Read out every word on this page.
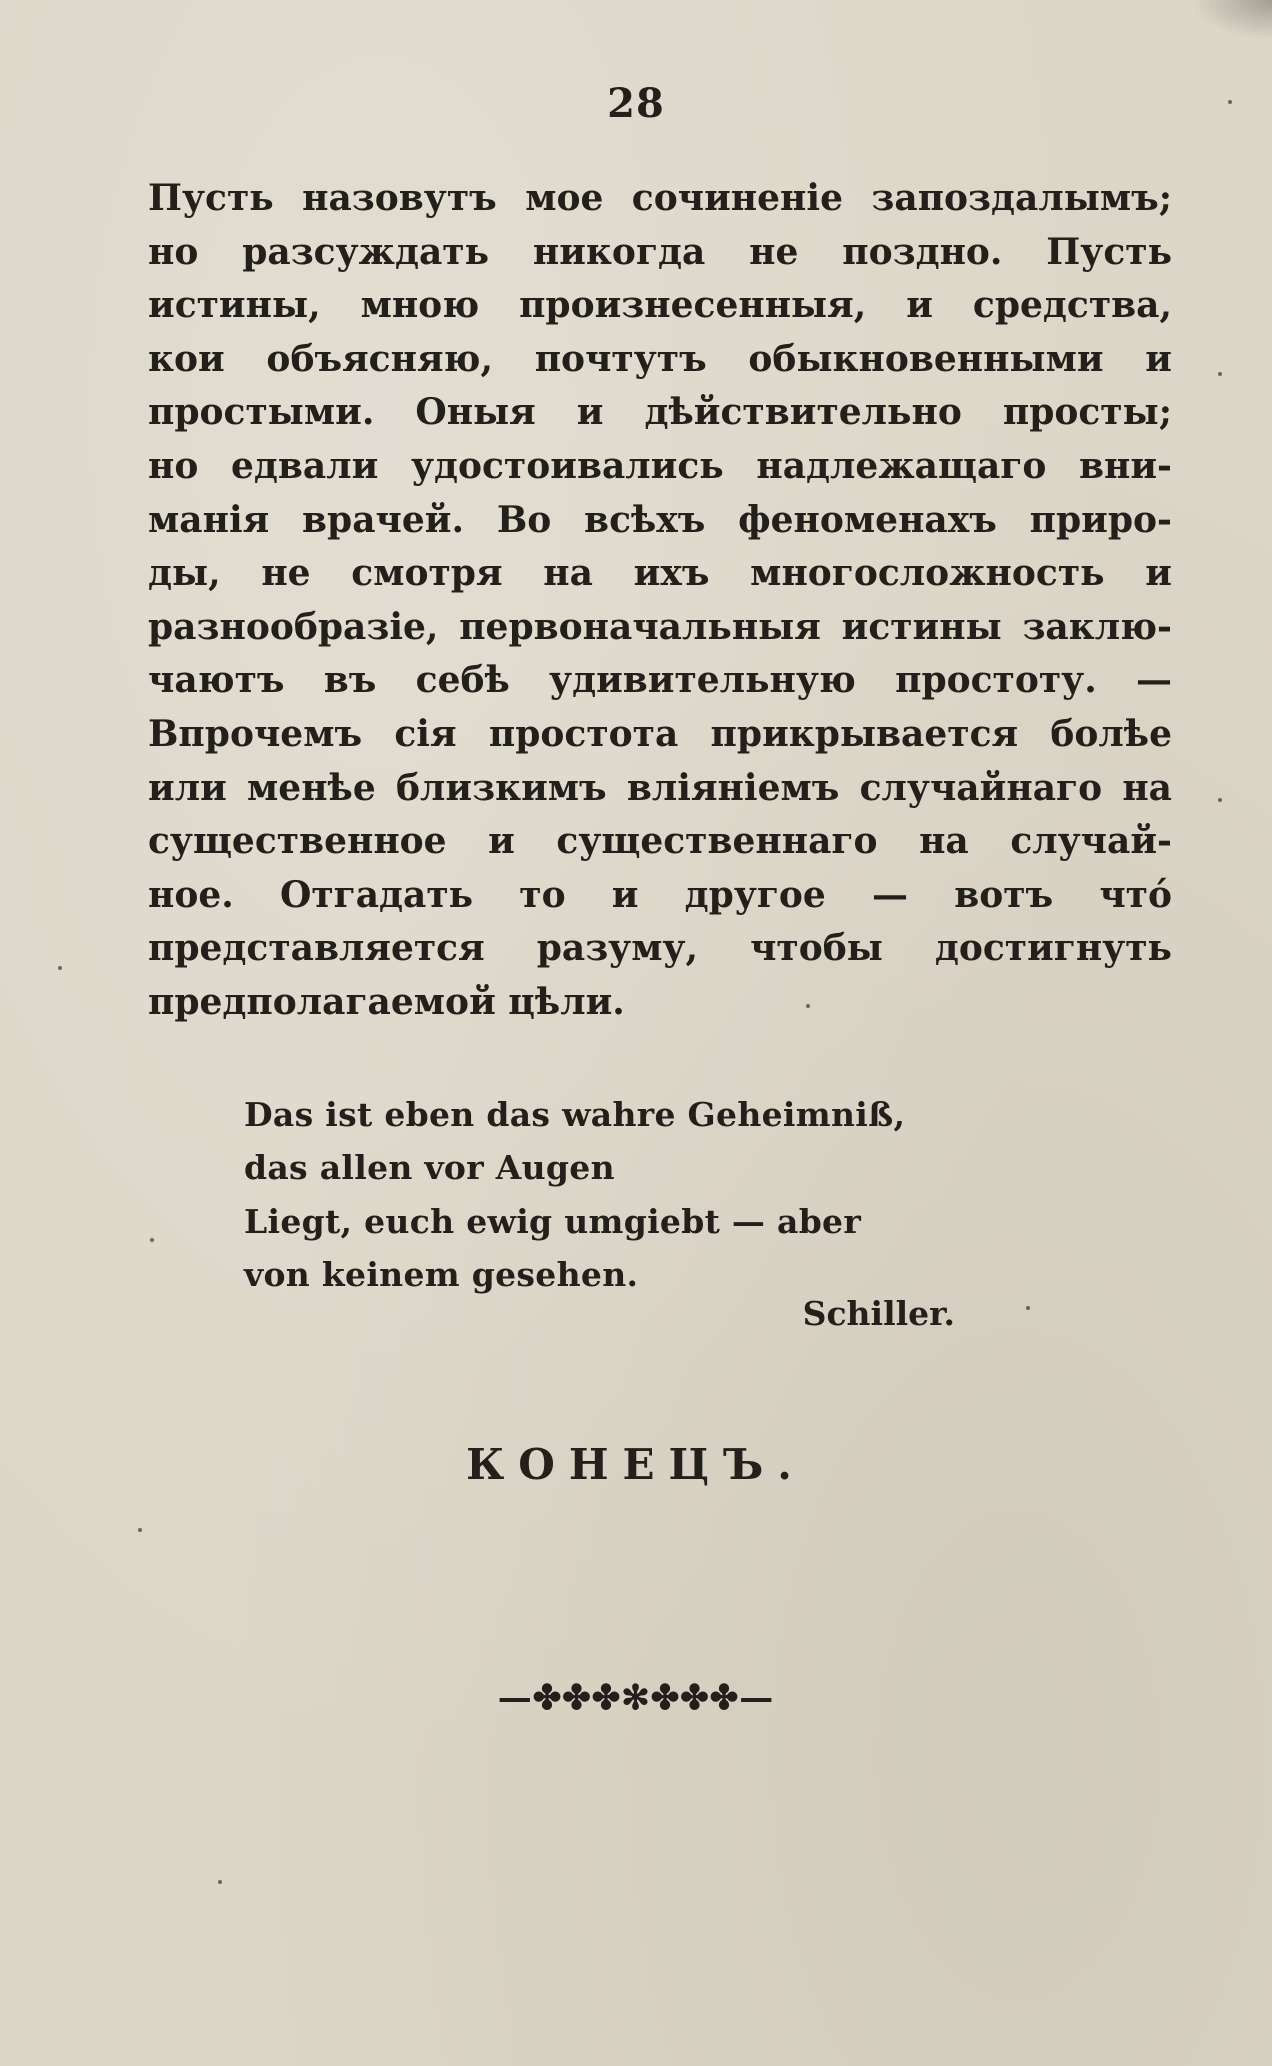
28
Пусть назовутъ мое сочиненіе запоздалымъ;
но разсуждать никогда не поздно. Пусть
истины, мною произнесенныя, и средства,
кои объясняю, почтутъ обыкновенными и
простыми. Оныя и дѣйствительно просты;
но едвали удостоивались надлежащаго вни-
манія врачей. Во всѣхъ феноменахъ приро-
ды, не смотря на ихъ многосложность и
разнообразіе, первоначальныя истины заклю-
чаютъ въ себѣ удивительную простоту. —
Впрочемъ сія простота прикрывается болѣе
или менѣе близкимъ вліяніемъ случайнаго на
существенное и существеннаго на случай-
ное. Отгадать то и другое — вотъ что́
представляется разуму, чтобы достигнуть
предполагаемой цѣли.
Das ist eben das wahre Geheimniß,
das allen vor Augen
Liegt, euch ewig umgiebt — aber
von keinem gesehen.
Schiller.
КОНЕЦЪ.
—✤✤✤✻✤✤✤—
